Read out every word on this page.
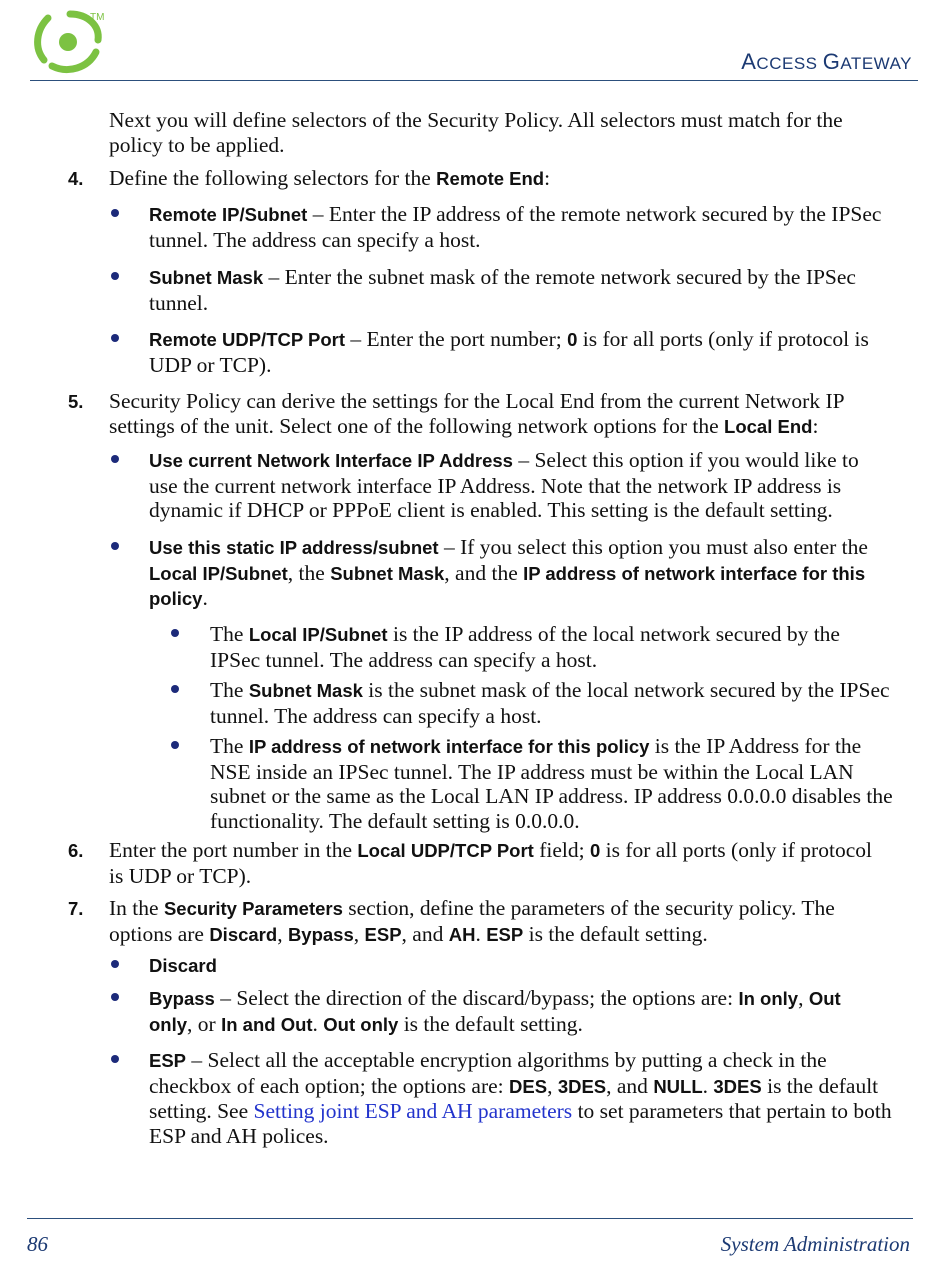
TM
ACCESS GATEWAY
Next you will define selectors of the Security Policy. All selectors must match for the
policy to be applied.
4. Define the following selectors for the Remote End:
Remote IP/Subnet – Enter the IP address of the remote network secured by the IPSec
tunnel. The address can specify a host.
Subnet Mask – Enter the subnet mask of the remote network secured by the IPSec
tunnel.
Remote UDP/TCP Port – Enter the port number; 0 is for all ports (only if protocol is
UDP or TCP).
5. Security Policy can derive the settings for the Local End from the current Network IP
settings of the unit. Select one of the following network options for the Local End:
Use current Network Interface IP Address – Select this option if you would like to
use the current network interface IP Address. Note that the network IP address is
dynamic if DHCP or PPPoE client is enabled. This setting is the default setting.
Use this static IP address/subnet – If you select this option you must also enter the
Local IP/Subnet, the Subnet Mask, and the IP address of network interface for this
policy.
The Local IP/Subnet is the IP address of the local network secured by the
IPSec tunnel. The address can specify a host.
The Subnet Mask is the subnet mask of the local network secured by the IPSec
tunnel. The address can specify a host.
The IP address of network interface for this policy is the IP Address for the
NSE inside an IPSec tunnel. The IP address must be within the Local LAN
subnet or the same as the Local LAN IP address. IP address 0.0.0.0 disables the
functionality. The default setting is 0.0.0.0.
6. Enter the port number in the Local UDP/TCP Port field; 0 is for all ports (only if protocol
is UDP or TCP).
7. In the Security Parameters section, define the parameters of the security policy. The
options are Discard, Bypass, ESP, and AH. ESP is the default setting.
Discard
Bypass – Select the direction of the discard/bypass; the options are: In only, Out
only, or In and Out. Out only is the default setting.
ESP – Select all the acceptable encryption algorithms by putting a check in the
checkbox of each option; the options are: DES, 3DES, and NULL. 3DES is the default
setting. See Setting joint ESP and AH parameters to set parameters that pertain to both
ESP and AH polices.
86	System Administration
